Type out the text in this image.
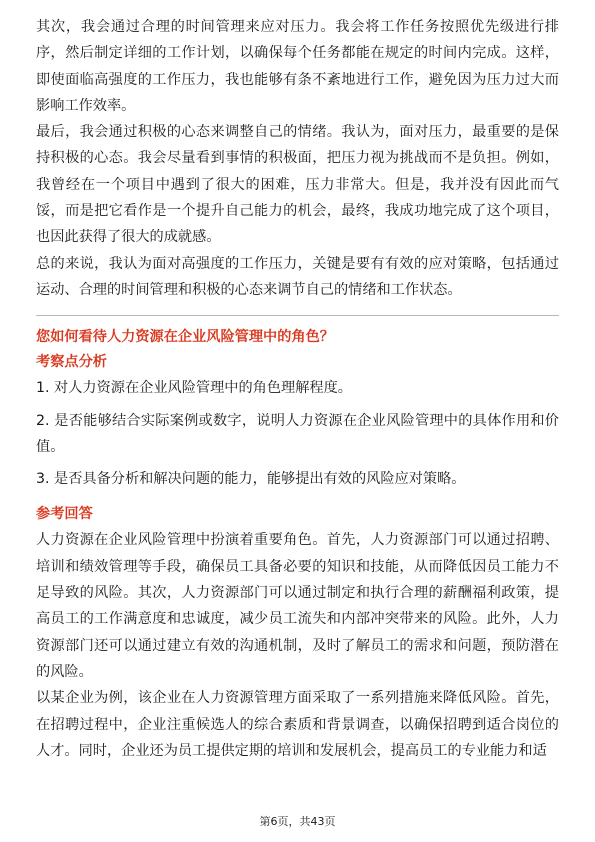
其次，我会通过合理的时间管理来应对压力。我会将工作任务按照优先级进行排序，然后制定详细的工作计划，以确保每个任务都能在规定的时间内完成。这样，即使面临高强度的工作压力，我也能够有条不紊地进行工作，避免因为压力过大而影响工作效率。

最后，我会通过积极的心态来调整自己的情绪。我认为，面对压力，最重要的是保持积极的心态。我会尽量看到事情的积极面，把压力视为挑战而不是负担。例如，我曾经在一个项目中遇到了很大的困难，压力非常大。但是，我并没有因此而气馁，而是把它看作是一个提升自己能力的机会，最终，我成功地完成了这个项目，也因此获得了很大的成就感。

总的来说，我认为面对高强度的工作压力，关键是要有有效的应对策略，包括通过运动、合理的时间管理和积极的心态来调节自己的情绪和工作状态。

您如何看待人力资源在企业风险管理中的角色？

考察点分析

1. 对人力资源在企业风险管理中的角色理解程度。

2. 是否能够结合实际案例或数字，说明人力资源在企业风险管理中的具体作用和价值。

3. 是否具备分析和解决问题的能力，能够提出有效的风险应对策略。

参考回答

人力资源在企业风险管理中扮演着重要角色。首先，人力资源部门可以通过招聘、培训和绩效管理等手段，确保员工具备必要的知识和技能，从而降低因员工能力不足导致的风险。其次，人力资源部门可以通过制定和执行合理的薪酬福利政策，提高员工的工作满意度和忠诚度，减少员工流失和内部冲突带来的风险。此外，人力资源部门还可以通过建立有效的沟通机制，及时了解员工的需求和问题，预防潜在的风险。

以某企业为例，该企业在人力资源管理方面采取了一系列措施来降低风险。首先，在招聘过程中，企业注重候选人的综合素质和背景调查，以确保招聘到适合岗位的人才。同时，企业还为员工提供定期的培训和发展机会，提高员工的专业能力和适

第6页，共43页
